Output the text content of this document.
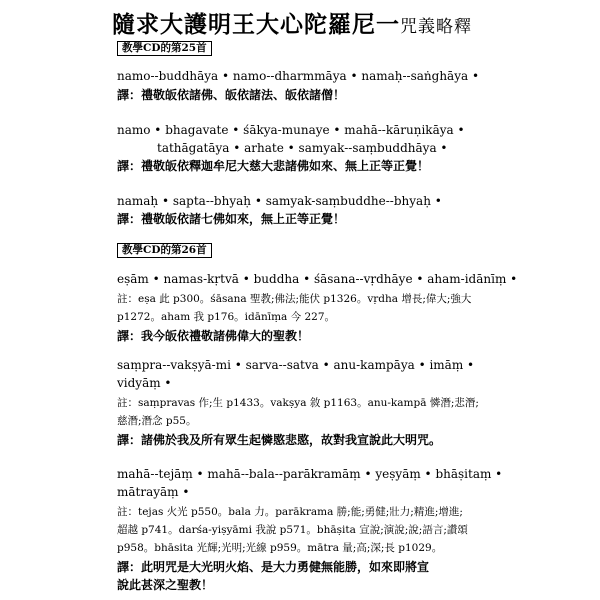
隨求大護明王大心陀羅尼一咒義略釋
教學CD的第25首
namo--buddhāya • namo--dharmmāya • namaḥ--saṅghāya •
譯：禮敬皈依諸佛、皈依諸法、皈依諸僧！
namo • bhagavate • śākya-munaye • mahā--kāruṇikāya •
tathāgatāya • arhate • samyak--saṃbuddhāya •
譯：禮敬皈依釋迦牟尼大慈大悲諸佛如來、無上正等正覺！
namaḥ • sapta--bhyaḥ • samyak-saṃbuddhe--bhyaḥ •
譯：禮敬皈依諸七佛如來，無上正等正覺！
教學CD的第26首
eṣām • namas-kṛtvā • buddha • śāsana--vṛdhāye • aham-idānīṃ •
註：eṣa 此 p300。śāsana 聖教;佛法;能伏 p1326。vṛdha 增長;偉大;強大
p1272。aham 我 p176。idānīṃa 今 227。
譯：我今皈依禮敬諸佛偉大的聖教！
saṃpra--vakṣyā-mi • sarva--satva • anu-kampāya • imāṃ •
vidyāṃ •
註：saṃpravas 作;生 p1433。vakṣya 敘 p1163。anu-kampā 憐潛;悲潛;
慈潛;潛念 p55。
譯：諸佛於我及所有眾生起憐愍悲愍，故對我宣說此大明咒。
mahā--tejāṃ • mahā--bala--parākramāṃ • yeṣyāṃ • bhāṣitaṃ •
mātrayāṃ •
註：tejas 火光 p550。bala 力。parākrama 勝;能;勇健;壯力;精進;增進;
超越 p741。darśa-yiṣyāmi 我說 p571。bhāṣita 宣說;演說;說;語言;讚頌
p958。bhāsita 光輝;光明;光線 p959。mātra 量;高;深;長 p1029。
譯：此明咒是大光明火焰、是大力勇健無能勝，如來即將宣
說此甚深之聖教！
